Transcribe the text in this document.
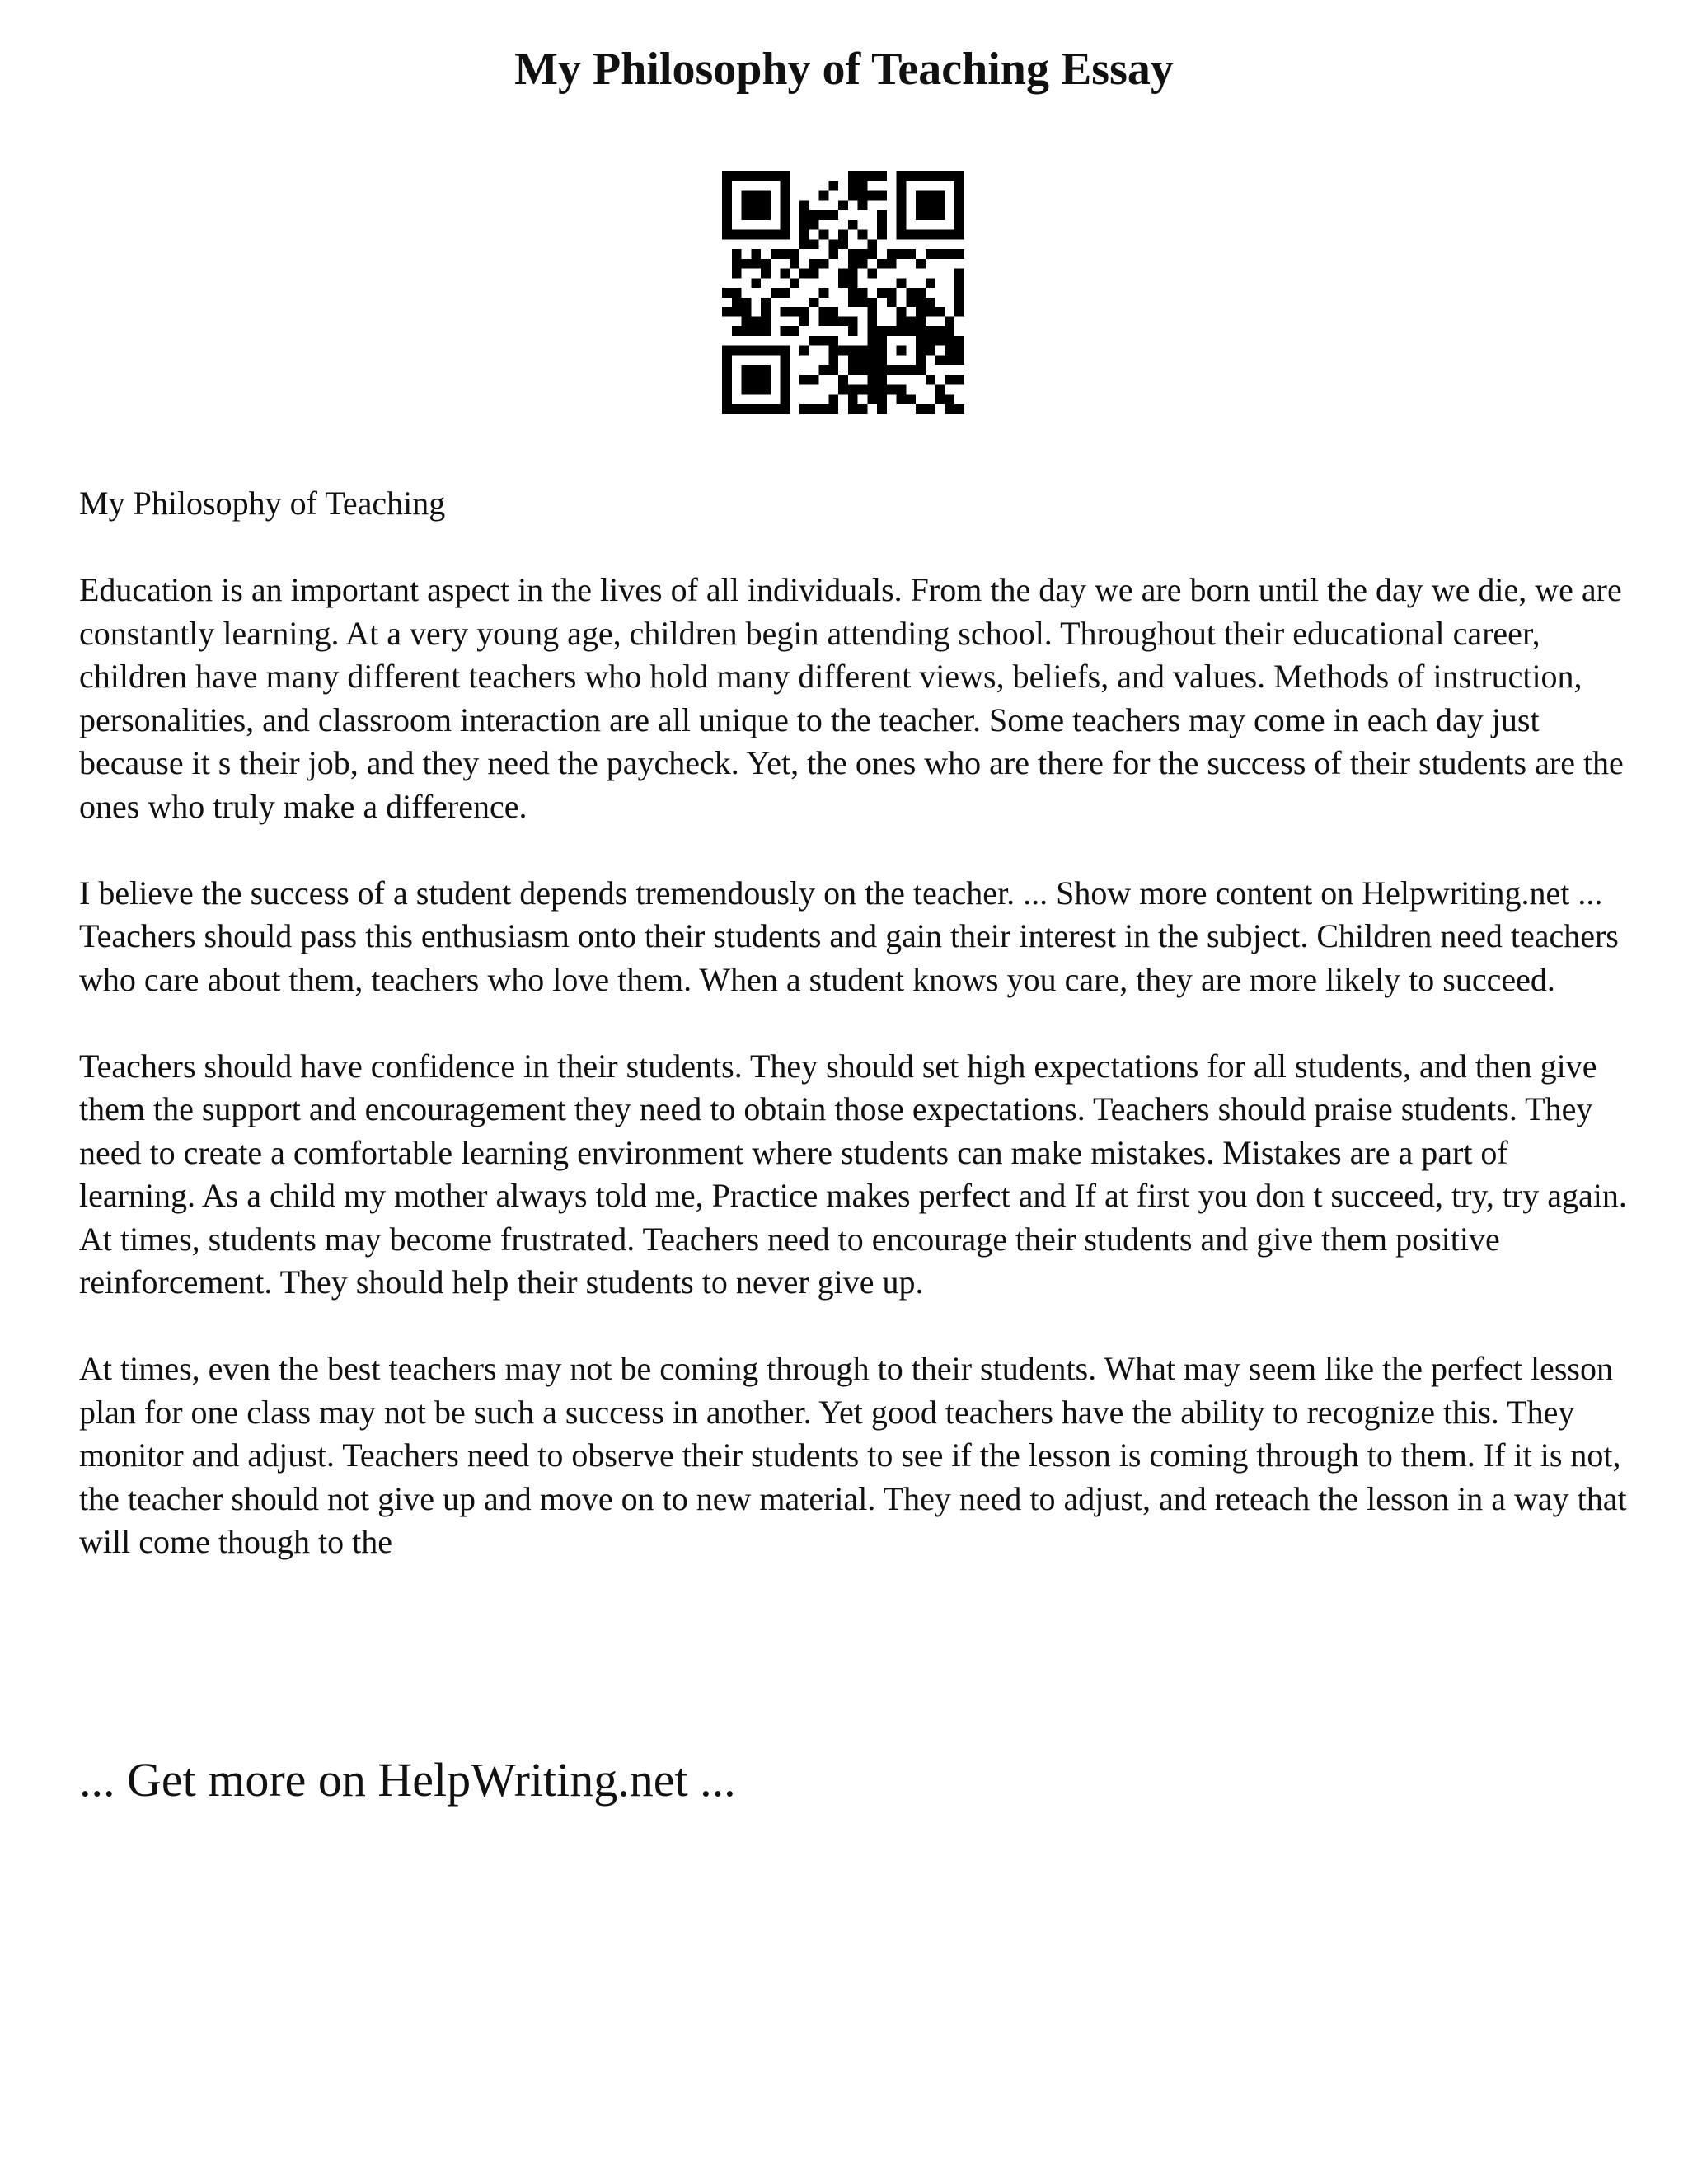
My Philosophy of Teaching Essay
My Philosophy of Teaching

Education is an important aspect in the lives of all individuals. From the day we are born until the day we die, we are constantly learning. At a very young age, children begin attending school. Throughout their educational career, children have many different teachers who hold many different views, beliefs, and values. Methods of instruction, personalities, and classroom interaction are all unique to the teacher. Some teachers may come in each day just because it s their job, and they need the paycheck. Yet, the ones who are there for the success of their students are the ones who truly make a difference.

I believe the success of a student depends tremendously on the teacher. ... Show more content on Helpwriting.net ...

Teachers should pass this enthusiasm onto their students and gain their interest in the subject. Children need teachers who care about them, teachers who love them. When a student knows you care, they are more likely to succeed.

Teachers should have confidence in their students. They should set high expectations for all students, and then give them the support and encouragement they need to obtain those expectations. Teachers should praise students. They need to create a comfortable learning environment where students can make mistakes. Mistakes are a part of learning. As a child my mother always told me, Practice makes perfect and If at first you don t succeed, try, try again. At times, students may become frustrated. Teachers need to encourage their students and give them positive reinforcement. They should help their students to never give up.

At times, even the best teachers may not be coming through to their students. What may seem like the perfect lesson plan for one class may not be such a success in another. Yet good teachers have the ability to recognize this. They monitor and adjust. Teachers need to observe their students to see if the lesson is coming through to them. If it is not, the teacher should not give up and move on to new material. They need to adjust, and reteach the lesson in a way that will come though to the

... Get more on HelpWriting.net ...
